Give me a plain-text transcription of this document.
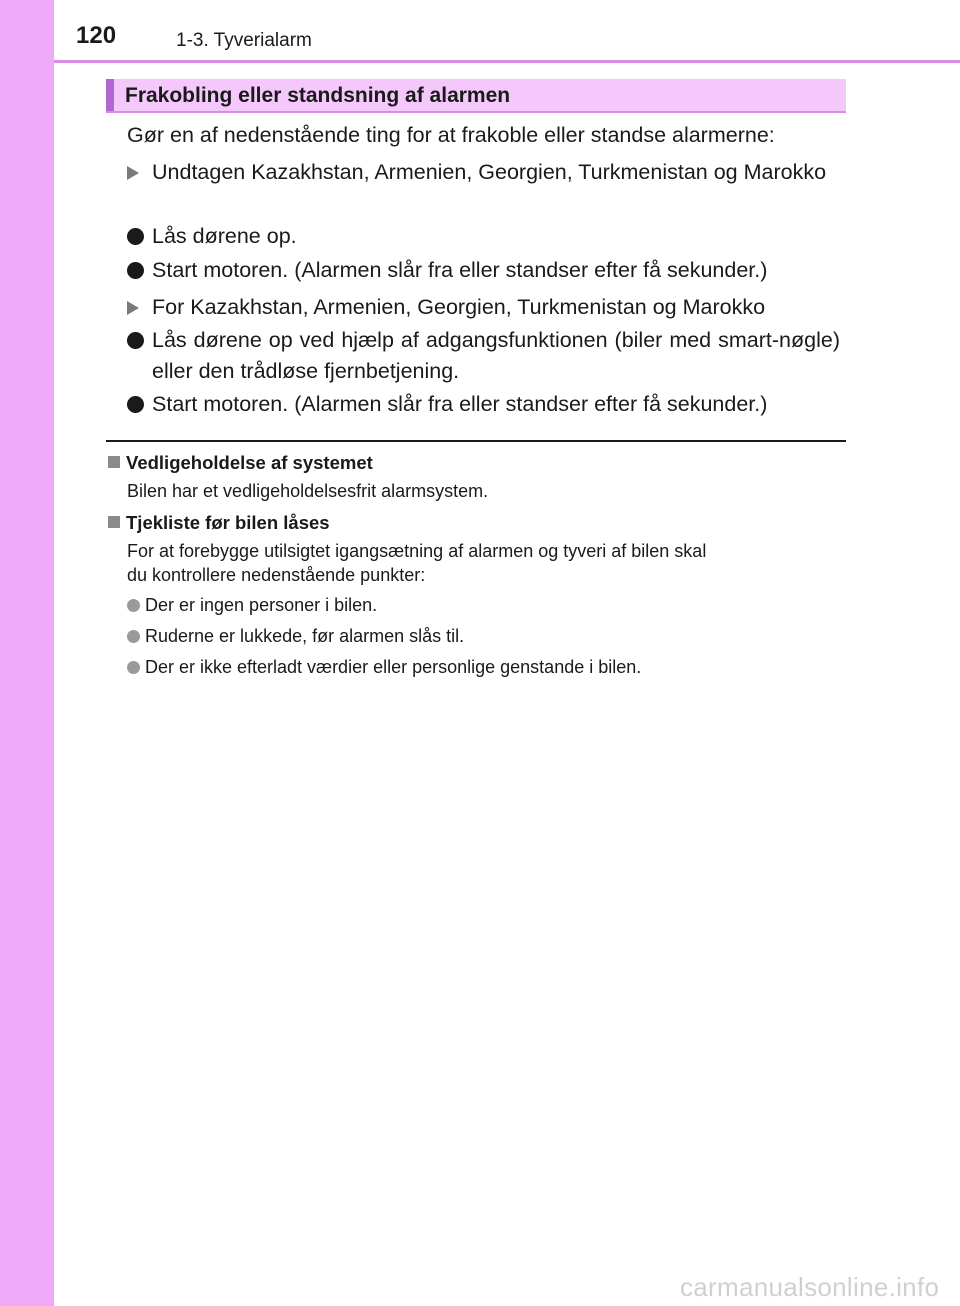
120	1-3. Tyverialarm
Frakobling eller standsning af alarmen
Gør en af nedenstående ting for at frakoble eller standse alarmerne:
Undtagen Kazakhstan, Armenien, Georgien, Turkmenistan og Marokko
Lås dørene op.
Start motoren. (Alarmen slår fra eller standser efter få sekunder.)
For Kazakhstan, Armenien, Georgien, Turkmenistan og Marokko
Lås dørene op ved hjælp af adgangsfunktionen (biler med smart-nøgle) eller den trådløse fjernbetjening.
Start motoren. (Alarmen slår fra eller standser efter få sekunder.)
Vedligeholdelse af systemet
Bilen har et vedligeholdelsesfrit alarmsystem.
Tjekliste før bilen låses
For at forebygge utilsigtet igangsætning af alarmen og tyveri af bilen skal
du kontrollere nedenstående punkter:
Der er ingen personer i bilen.
Ruderne er lukkede, før alarmen slås til.
Der er ikke efterladt værdier eller personlige genstande i bilen.
carmanualsonline.info
